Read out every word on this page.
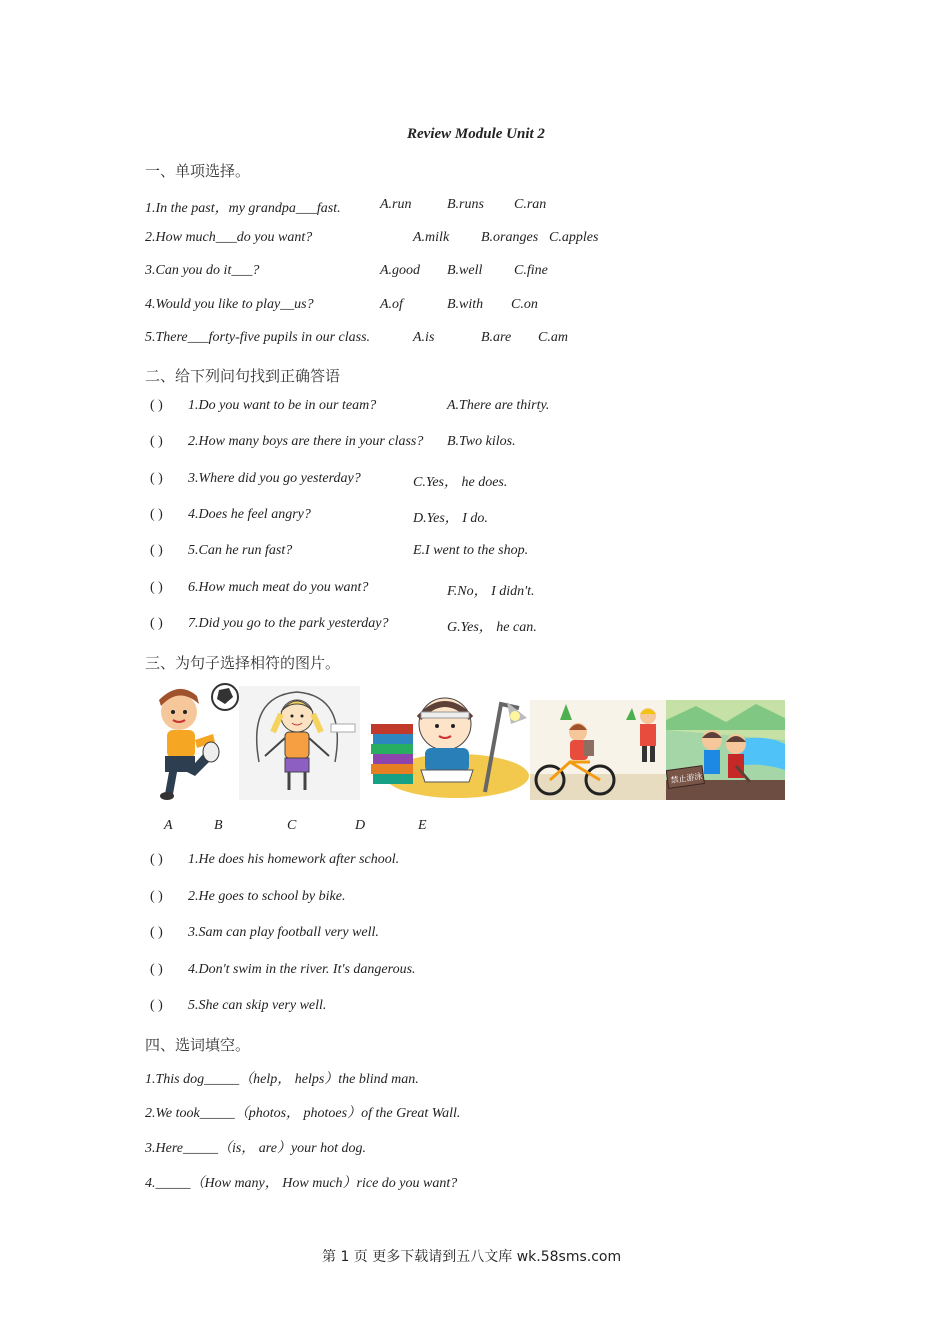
Review Module Unit 2
一、单项选择。
1.In the past，my grandpa___fast.	A.run	B.runs C.ran
2.How much___do you want?	A.milk B.oranges C.apples
3.Can you do it___?	A.good B.well C.fine
4.Would you like to play__us?	A.of	B.with C.on
5.There___forty-five pupils in our class.	A.is	B.are C.am
二、给下列问句找到正确答语
( ) 1.Do you want to be in our team?	A.There are thirty.
( ) 2.How many boys are there in your class? B.Two kilos.
( ) 3.Where did you go yesterday?	C.Yes， he does.
( ) 4.Does he feel angry?	D.Yes， I do.
( ) 5.Can he run fast?	E.I went to the shop.
( ) 6.How much meat do you want?	F.No， I didn't.
( ) 7.Did you go to the park yesterday?	G.Yes， he can.
三、为句子选择相符的图片。
禁止游泳
A	B	C	D	E
( ) 1.He does his homework after school.
( ) 2.He goes to school by bike.
( ) 3.Sam can play football very well.
( ) 4.Don't swim in the river. It's dangerous.
( ) 5.She can skip very well.
四、选词填空。
1.This dog_____（help， helps）the blind man.
2.We took_____（photos， photoes）of the Great Wall.
3.Here_____（is， are）your hot dog.
4._____（How many， How much）rice do you want?
第 1 页 更多下载请到五八文库 wk.58sms.com
